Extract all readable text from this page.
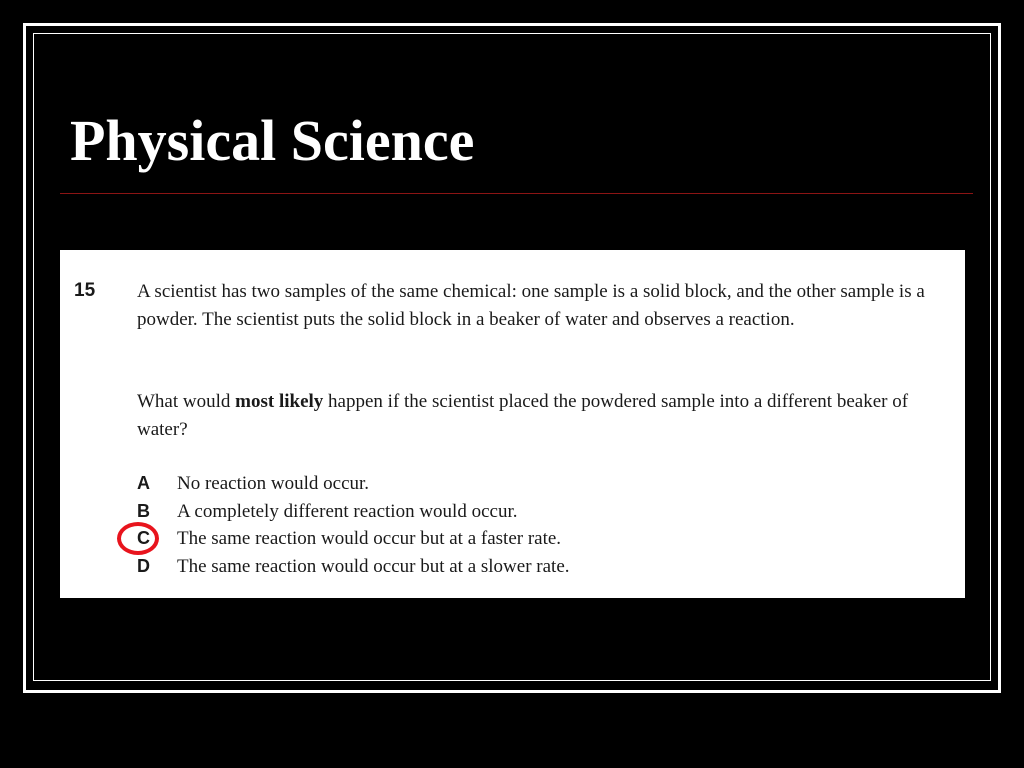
Physical Science
15 A scientist has two samples of the same chemical: one sample is a solid block, and the other sample is a powder. The scientist puts the solid block in a beaker of water and observes a reaction.

What would most likely happen if the scientist placed the powdered sample into a different beaker of water?

A No reaction would occur.
B A completely different reaction would occur.
C The same reaction would occur but at a faster rate.
D The same reaction would occur but at a slower rate.
